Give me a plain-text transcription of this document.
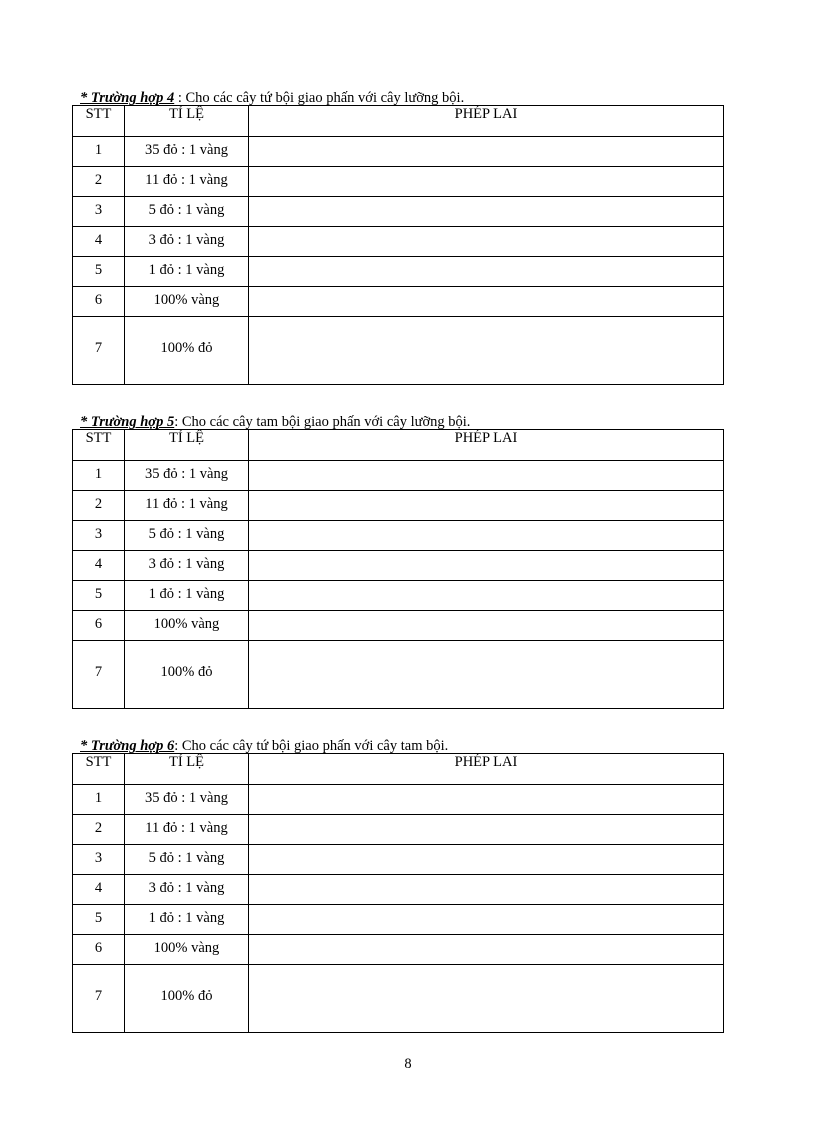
* Trường hợp 4 : Cho các cây tứ bội giao phấn với cây lưỡng bội.
STT	TỈ LỆ	PHÉP LAI
1	35 đỏ : 1 vàng	
2	11 đỏ : 1 vàng	
3	5 đỏ : 1 vàng	
4	3 đỏ : 1 vàng	
5	1 đỏ : 1 vàng	
6	100% vàng	
7	100% đỏ	
* Trường hợp 5: Cho các cây tam bội giao phấn với cây lưỡng bội.
STT	TỈ LỆ	PHÉP LAI
1	35 đỏ : 1 vàng	
2	11 đỏ : 1 vàng	
3	5 đỏ : 1 vàng	
4	3 đỏ : 1 vàng	
5	1 đỏ : 1 vàng	
6	100% vàng	
7	100% đỏ	
* Trường hợp 6: Cho các cây tứ bội giao phấn với cây tam bội.
STT	TỈ LỆ	PHÉP LAI
1	35 đỏ : 1 vàng	
2	11 đỏ : 1 vàng	
3	5 đỏ : 1 vàng	
4	3 đỏ : 1 vàng	
5	1 đỏ : 1 vàng	
6	100% vàng	
7	100% đỏ	
8
